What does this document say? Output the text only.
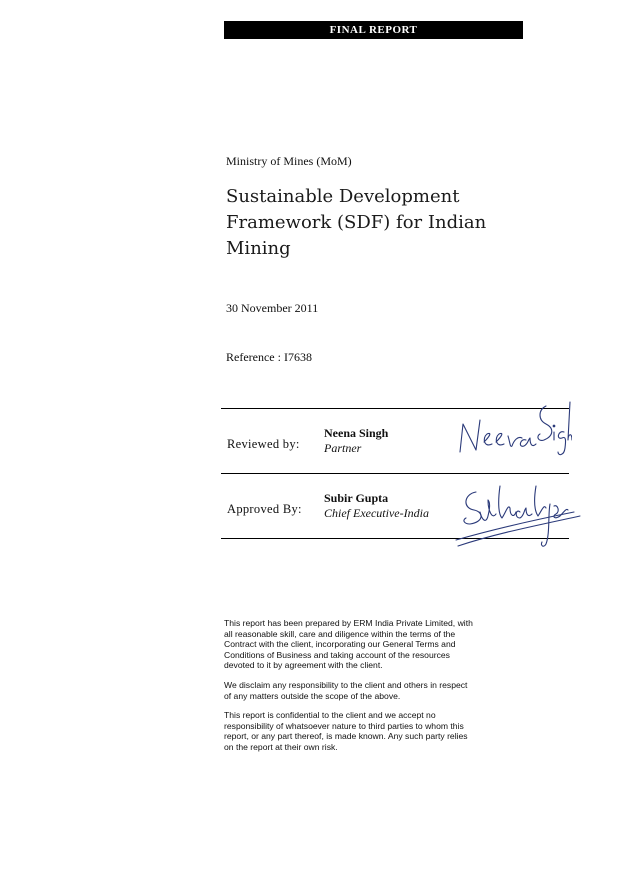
FINAL REPORT
Ministry of Mines (MoM)
Sustainable Development Framework (SDF) for Indian Mining
30 November 2011
Reference : I7638
Reviewed by:
Neena Singh
Partner
Approved By:
Subir Gupta
Chief Executive-India

This report has been prepared by ERM India Private Limited, with all reasonable skill, care and diligence within the terms of the Contract with the client, incorporating our General Terms and Conditions of Business and taking account of the resources devoted to it by agreement with the client.

We disclaim any responsibility to the client and others in respect of any matters outside the scope of the above.

This report is confidential to the client and we accept no responsibility of whatsoever nature to third parties to whom this report, or any part thereof, is made known. Any such party relies on the report at their own risk.
